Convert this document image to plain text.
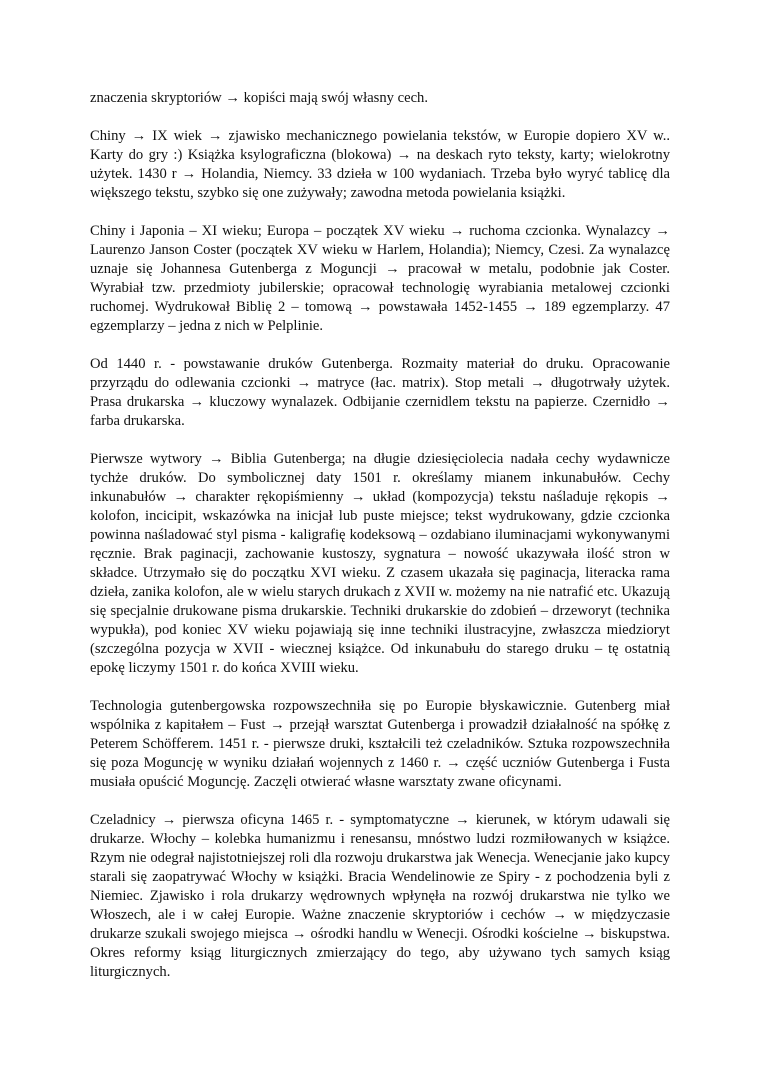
znaczenia skryptoriów → kopiści mają swój własny cech.

Chiny → IX wiek → zjawisko mechanicznego powielania tekstów, w Europie dopiero XV w.. Karty do gry :) Książka ksylograficzna (blokowa) → na deskach ryto teksty, karty; wielokrotny użytek. 1430 r → Holandia, Niemcy. 33 dzieła w 100 wydaniach. Trzeba było wyryć tablicę dla większego tekstu, szybko się one zużywały; zawodna metoda powielania książki.

Chiny i Japonia – XI wieku; Europa – początek XV wieku → ruchoma czcionka. Wynalazcy → Laurenzo Janson Coster (początek XV wieku w Harlem, Holandia); Niemcy, Czesi. Za wynalazcę uznaje się Johannesa Gutenberga z Moguncji → pracował w metalu, podobnie jak Coster. Wyrabiał tzw. przedmioty jubilerskie; opracował technologię wyrabiania metalowej czcionki ruchomej. Wydrukował Biblię 2 – tomową → powstawała 1452-1455 → 189 egzemplarzy. 47 egzemplarzy – jedna z nich w Pelplinie.

Od 1440 r. - powstawanie druków Gutenberga. Rozmaity materiał do druku. Opracowanie przyrządu do odlewania czcionki → matryce (łac. matrix). Stop metali → długotrwały użytek. Prasa drukarska → kluczowy wynalazek. Odbijanie czernidlem tekstu na papierze. Czernidło → farba drukarska.

Pierwsze wytwory → Biblia Gutenberga; na długie dziesięciolecia nadała cechy wydawnicze tychże druków. Do symbolicznej daty 1501 r. określamy mianem inkunabułów. Cechy inkunabułów → charakter rękopiśmienny → układ (kompozycja) tekstu naśladuje rękopis → kolofon, incicipit, wskazówka na inicjał lub puste miejsce; tekst wydrukowany, gdzie czcionka powinna naśladować styl pisma - kaligrafię kodeksową – ozdabiano iluminacjami wykonywanymi ręcznie. Brak paginacji, zachowanie kustoszy, sygnatura – nowość ukazywała ilość stron w składce. Utrzymało się do początku XVI wieku. Z czasem ukazała się paginacja, literacka rama dzieła, zanika kolofon, ale w wielu starych drukach z XVII w. możemy na nie natrafić etc. Ukazują się specjalnie drukowane pisma drukarskie. Techniki drukarskie do zdobień – drzeworyt (technika wypukła), pod koniec XV wieku pojawiają się inne techniki ilustracyjne, zwłaszcza miedzioryt (szczególna pozycja w XVII - wiecznej książce. Od inkunabułu do starego druku – tę ostatnią epokę liczymy 1501 r. do końca XVIII wieku.

Technologia gutenbergowska rozpowszechniła się po Europie błyskawicznie. Gutenberg miał wspólnika z kapitałem – Fust → przejął warsztat Gutenberga i prowadził działalność na spółkę z Peterem Schöfferem. 1451 r. - pierwsze druki, kształcili też czeladników. Sztuka rozpowszechniła się poza Moguncję w wyniku działań wojennych z 1460 r. → część uczniów Gutenberga i Fusta musiała opuścić Moguncję. Zaczęli otwierać własne warsztaty zwane oficynami.

Czeladnicy → pierwsza oficyna 1465 r. - symptomatyczne → kierunek, w którym udawali się drukarze. Włochy – kolebka humanizmu i renesansu, mnóstwo ludzi rozmiłowanych w książce. Rzym nie odegrał najistotniejszej roli dla rozwoju drukarstwa jak Wenecja. Wenecjanie jako kupcy starali się zaopatrywać Włochy w książki. Bracia Wendelinowie ze Spiry - z pochodzenia byli z Niemiec. Zjawisko i rola drukarzy wędrownych wpłynęła na rozwój drukarstwa nie tylko we Włoszech, ale i w całej Europie. Ważne znaczenie skryptoriów i cechów → w międzyczasie drukarze szukali swojego miejsca → ośrodki handlu w Wenecji. Ośrodki kościelne → biskupstwa. Okres reformy ksiąg liturgicznych zmierzający do tego, aby używano tych samych ksiąg liturgicznych.
